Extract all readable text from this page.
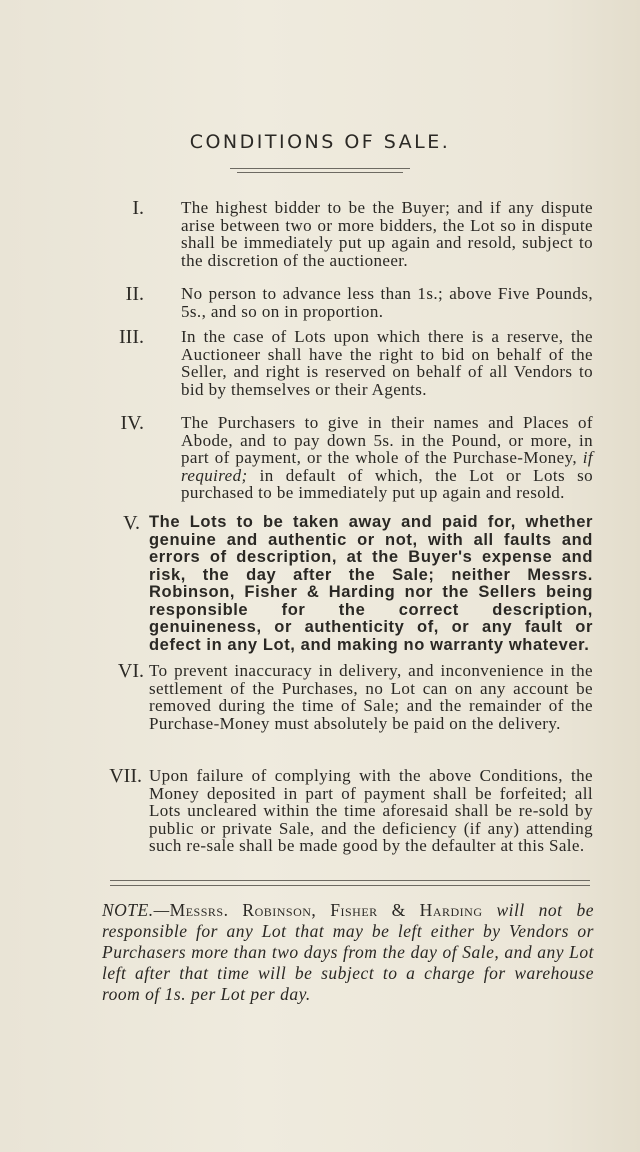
CONDITIONS OF SALE.
I. The highest bidder to be the Buyer; and if any dispute arise between two or more bidders, the Lot so in dispute shall be immediately put up again and resold, subject to the discretion of the auctioneer.

II. No person to advance less than 1s.; above Five Pounds, 5s., and so on in proportion.

III. In the case of Lots upon which there is a reserve, the Auctioneer shall have the right to bid on behalf of the Seller, and right is reserved on behalf of all Vendors to bid by themselves or their Agents.

IV. The Purchasers to give in their names and Places of Abode, and to pay down 5s. in the Pound, or more, in part of payment, or the whole of the Purchase-Money, if required; in default of which, the Lot or Lots so purchased to be immediately put up again and resold.

V. The Lots to be taken away and paid for, whether genuine and authentic or not, with all faults and errors of description, at the Buyer's expense and risk, the day after the Sale; neither Messrs. Robinson, Fisher & Harding nor the Sellers being responsible for the correct description, genuineness, or authenticity of, or any fault or defect in any Lot, and making no warranty whatever.

VI. To prevent inaccuracy in delivery, and inconvenience in the settlement of the Purchases, no Lot can on any account be removed during the time of Sale; and the remainder of the Purchase-Money must absolutely be paid on the delivery.

VII. Upon failure of complying with the above Conditions, the Money deposited in part of payment shall be forfeited; all Lots uncleared within the time aforesaid shall be re-sold by public or private Sale, and the deficiency (if any) attending such re-sale shall be made good by the defaulter at this Sale.

NOTE.—Messrs. Robinson, Fisher & Harding will not be responsible for any Lot that may be left either by Vendors or Purchasers more than two days from the day of Sale, and any Lot left after that time will be subject to a charge for warehouse room of 1s. per Lot per day.
